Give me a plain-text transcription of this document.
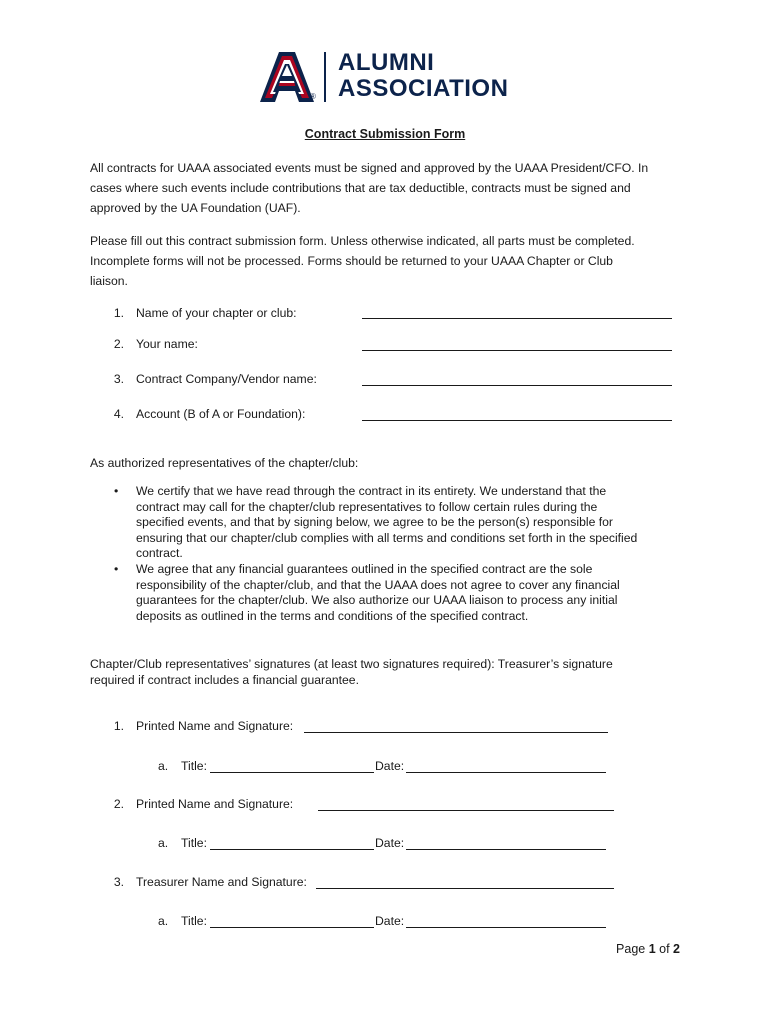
®
ALUMNI
ASSOCIATION
Contract Submission Form
All contracts for UAAA associated events must be signed and approved by the UAAA President/CFO. In
cases where such events include contributions that are tax deductible, contracts must be signed and
approved by the UA Foundation (UAF).
Please fill out this contract submission form. Unless otherwise indicated, all parts must be completed.
Incomplete forms will not be processed. Forms should be returned to your UAAA Chapter or Club
liaison.
1. Name of your chapter or club:
2. Your name:
3. Contract Company/Vendor name:
4. Account (B of A or Foundation):
As authorized representatives of the chapter/club:
• We certify that we have read through the contract in its entirety. We understand that the
contract may call for the chapter/club representatives to follow certain rules during the
specified events, and that by signing below, we agree to be the person(s) responsible for
ensuring that our chapter/club complies with all terms and conditions set forth in the specified
contract.
• We agree that any financial guarantees outlined in the specified contract are the sole
responsibility of the chapter/club, and that the UAAA does not agree to cover any financial
guarantees for the chapter/club. We also authorize our UAAA liaison to process any initial
deposits as outlined in the terms and conditions of the specified contract.
Chapter/Club representatives’ signatures (at least two signatures required): Treasurer’s signature
required if contract includes a financial guarantee.
1. Printed Name and Signature:
a. Title:	Date:
2. Printed Name and Signature:
a. Title:	Date:
3. Treasurer Name and Signature:
a. Title:	Date:
Page 1 of 2
